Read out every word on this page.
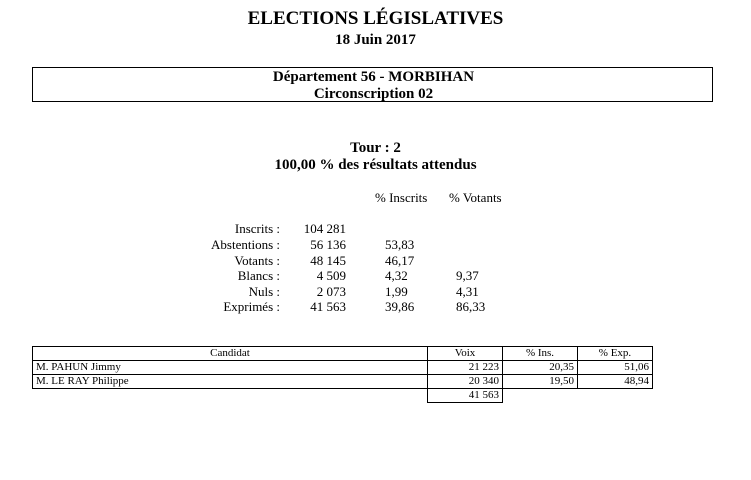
ELECTIONS LÉGISLATIVES
18 Juin 2017
Département 56 - MORBIHAN
Circonscription 02
Tour : 2
100,00 % des résultats attendus
% Inscrits % Votants
Inscrits :	104 281
Abstentions :	56 136	53,83
Votants :	48 145	46,17
Blancs :	4 509	4,32	9,37
Nuls :	2 073	1,99	4,31
Exprimés :	41 563	39,86	86,33
Candidat	Voix	% Ins.	% Exp.
M. PAHUN Jimmy	21 223	20,35	51,06
M. LE RAY Philippe	20 340	19,50	48,94
	41 563		
